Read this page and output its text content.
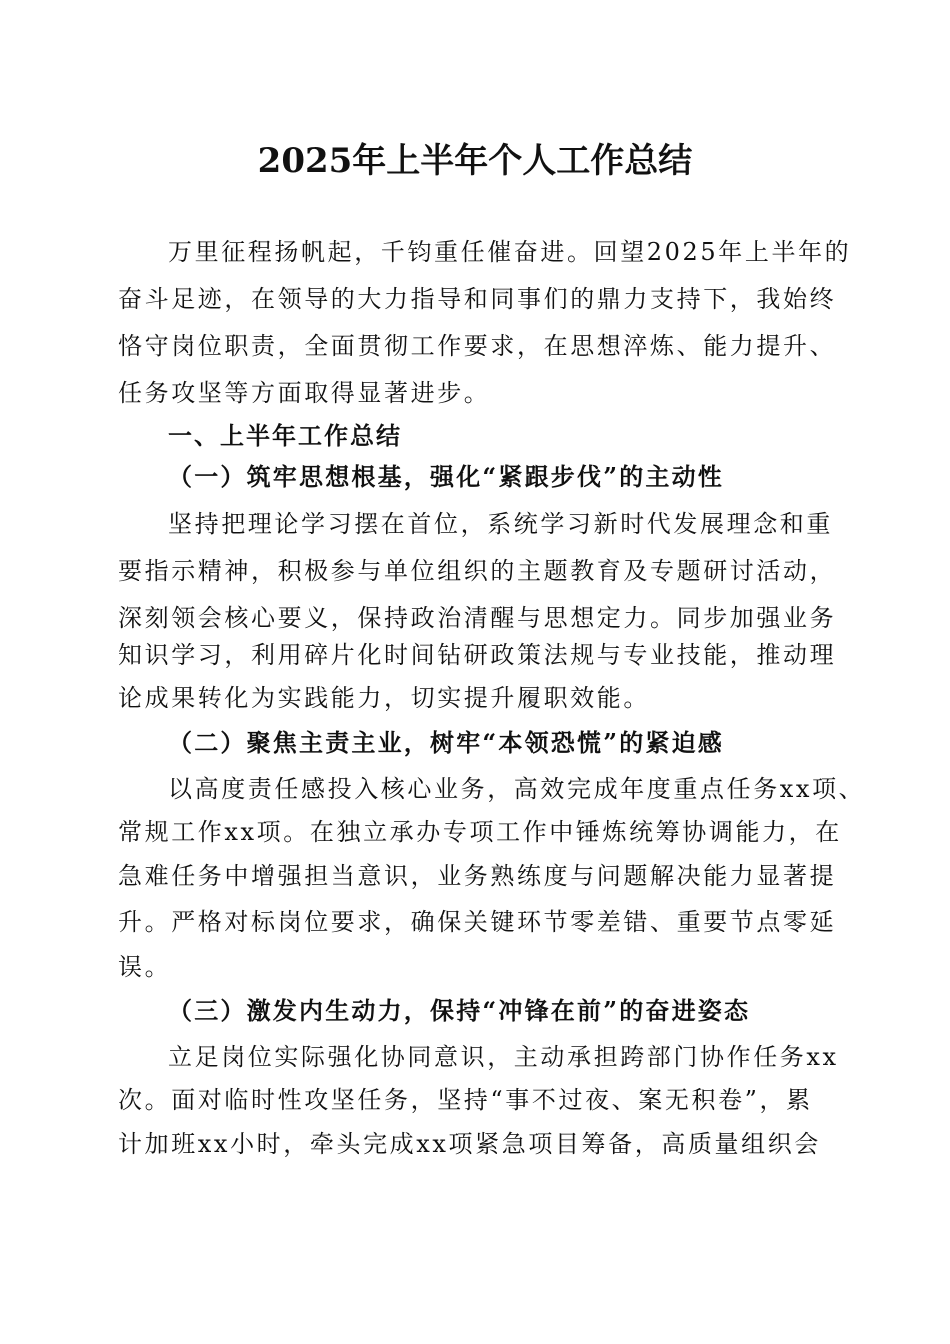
2025年上半年个人工作总结
万里征程扬帆起，千钧重任催奋进。回望2025年上半年的
奋斗足迹，在领导的大力指导和同事们的鼎力支持下，我始终
恪守岗位职责，全面贯彻工作要求，在思想淬炼、能力提升、
任务攻坚等方面取得显著进步。
一、上半年工作总结
（一）筑牢思想根基，强化“紧跟步伐”的主动性
坚持把理论学习摆在首位，系统学习新时代发展理念和重
要指示精神，积极参与单位组织的主题教育及专题研讨活动，
深刻领会核心要义，保持政治清醒与思想定力。同步加强业务
知识学习，利用碎片化时间钻研政策法规与专业技能，推动理
论成果转化为实践能力，切实提升履职效能。
（二）聚焦主责主业，树牢“本领恐慌”的紧迫感
以高度责任感投入核心业务，高效完成年度重点任务xx项、
常规工作xx项。在独立承办专项工作中锤炼统筹协调能力，在
急难任务中增强担当意识，业务熟练度与问题解决能力显著提
升。严格对标岗位要求，确保关键环节零差错、重要节点零延
误。
（三）激发内生动力，保持“冲锋在前”的奋进姿态
立足岗位实际强化协同意识，主动承担跨部门协作任务xx
次。面对临时性攻坚任务，坚持“事不过夜、案无积卷”，累
计加班xx小时，牵头完成xx项紧急项目筹备，高质量组织会
